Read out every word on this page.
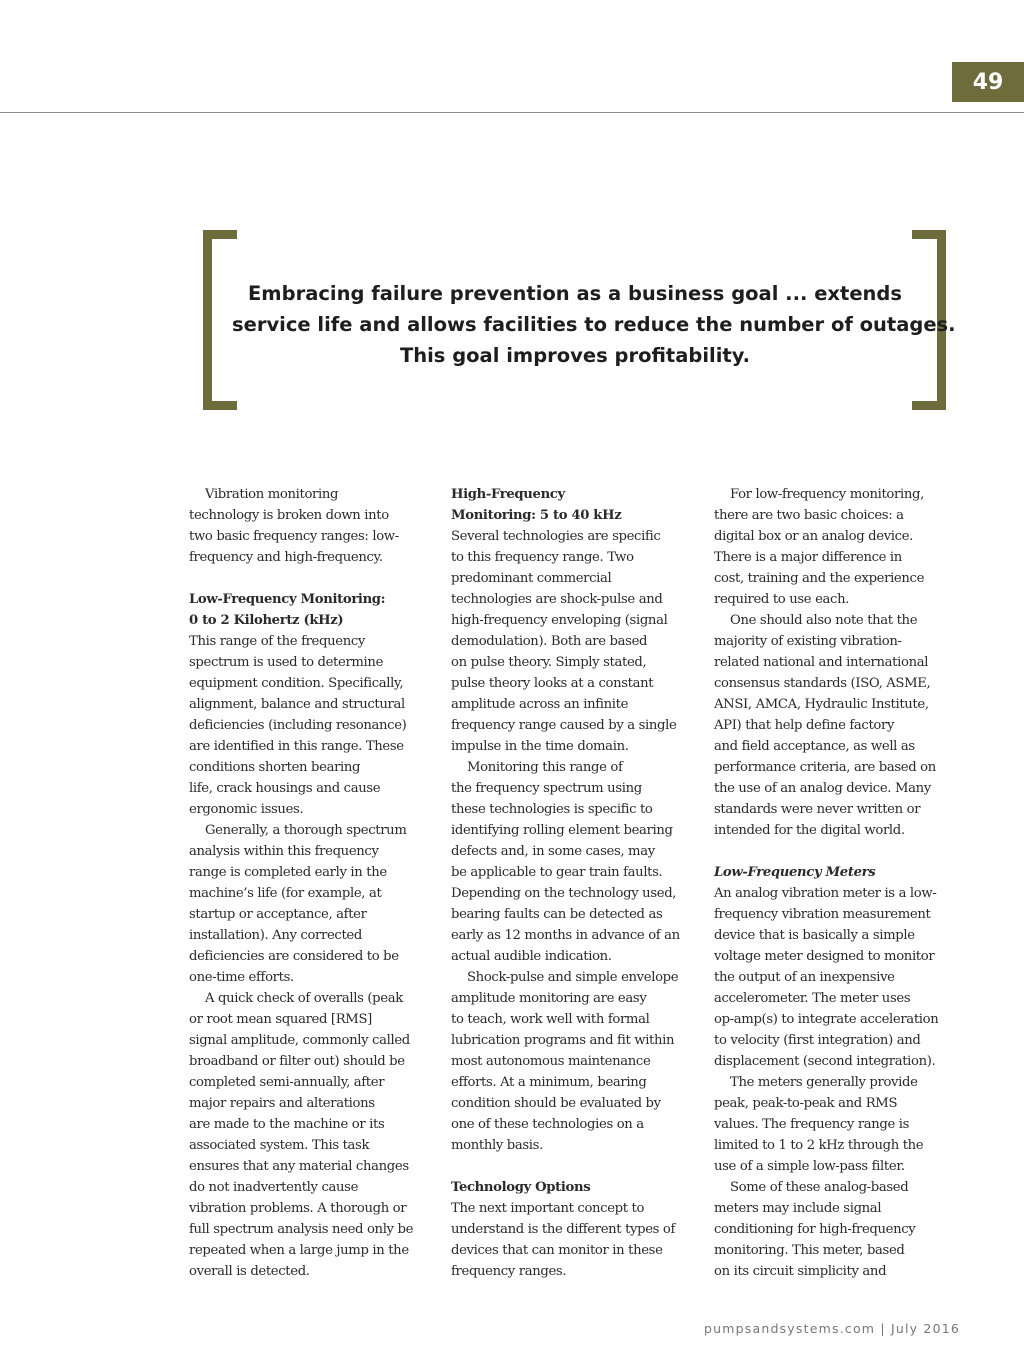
49
Embracing failure prevention as a business goal ... extends
service life and allows facilities to reduce the number of outages.
This goal improves profitability.
Vibration monitoring
technology is broken down into
two basic frequency ranges: low-
frequency and high-frequency.
Low-Frequency Monitoring:
0 to 2 Kilohertz (kHz)
This range of the frequency
spectrum is used to determine
equipment condition. Specifically,
alignment, balance and structural
deficiencies (including resonance)
are identified in this range. These
conditions shorten bearing
life, crack housings and cause
ergonomic issues.
Generally, a thorough spectrum
analysis within this frequency
range is completed early in the
machine’s life (for example, at
startup or acceptance, after
installation). Any corrected
deficiencies are considered to be
one-time efforts.
A quick check of overalls (peak
or root mean squared [RMS]
signal amplitude, commonly called
broadband or filter out) should be
completed semi-annually, after
major repairs and alterations
are made to the machine or its
associated system. This task
ensures that any material changes
do not inadvertently cause
vibration problems. A thorough or
full spectrum analysis need only be
repeated when a large jump in the
overall is detected.
High-Frequency
Monitoring: 5 to 40 kHz
Several technologies are specific
to this frequency range. Two
predominant commercial
technologies are shock-pulse and
high-frequency enveloping (signal
demodulation). Both are based
on pulse theory. Simply stated,
pulse theory looks at a constant
amplitude across an infinite
frequency range caused by a single
impulse in the time domain.
Monitoring this range of
the frequency spectrum using
these technologies is specific to
identifying rolling element bearing
defects and, in some cases, may
be applicable to gear train faults.
Depending on the technology used,
bearing faults can be detected as
early as 12 months in advance of an
actual audible indication.
Shock-pulse and simple envelope
amplitude monitoring are easy
to teach, work well with formal
lubrication programs and fit within
most autonomous maintenance
efforts. At a minimum, bearing
condition should be evaluated by
one of these technologies on a
monthly basis.
Technology Options
The next important concept to
understand is the different types of
devices that can monitor in these
frequency ranges.
For low-frequency monitoring,
there are two basic choices: a
digital box or an analog device.
There is a major difference in
cost, training and the experience
required to use each.
One should also note that the
majority of existing vibration-
related national and international
consensus standards (ISO, ASME,
ANSI, AMCA, Hydraulic Institute,
API) that help define factory
and field acceptance, as well as
performance criteria, are based on
the use of an analog device. Many
standards were never written or
intended for the digital world.
Low-Frequency Meters
An analog vibration meter is a low-
frequency vibration measurement
device that is basically a simple
voltage meter designed to monitor
the output of an inexpensive
accelerometer. The meter uses
op-amp(s) to integrate acceleration
to velocity (first integration) and
displacement (second integration).
The meters generally provide
peak, peak-to-peak and RMS
values. The frequency range is
limited to 1 to 2 kHz through the
use of a simple low-pass filter.
Some of these analog-based
meters may include signal
conditioning for high-frequency
monitoring. This meter, based
on its circuit simplicity and
pumpsandsystems.com | July 2016
